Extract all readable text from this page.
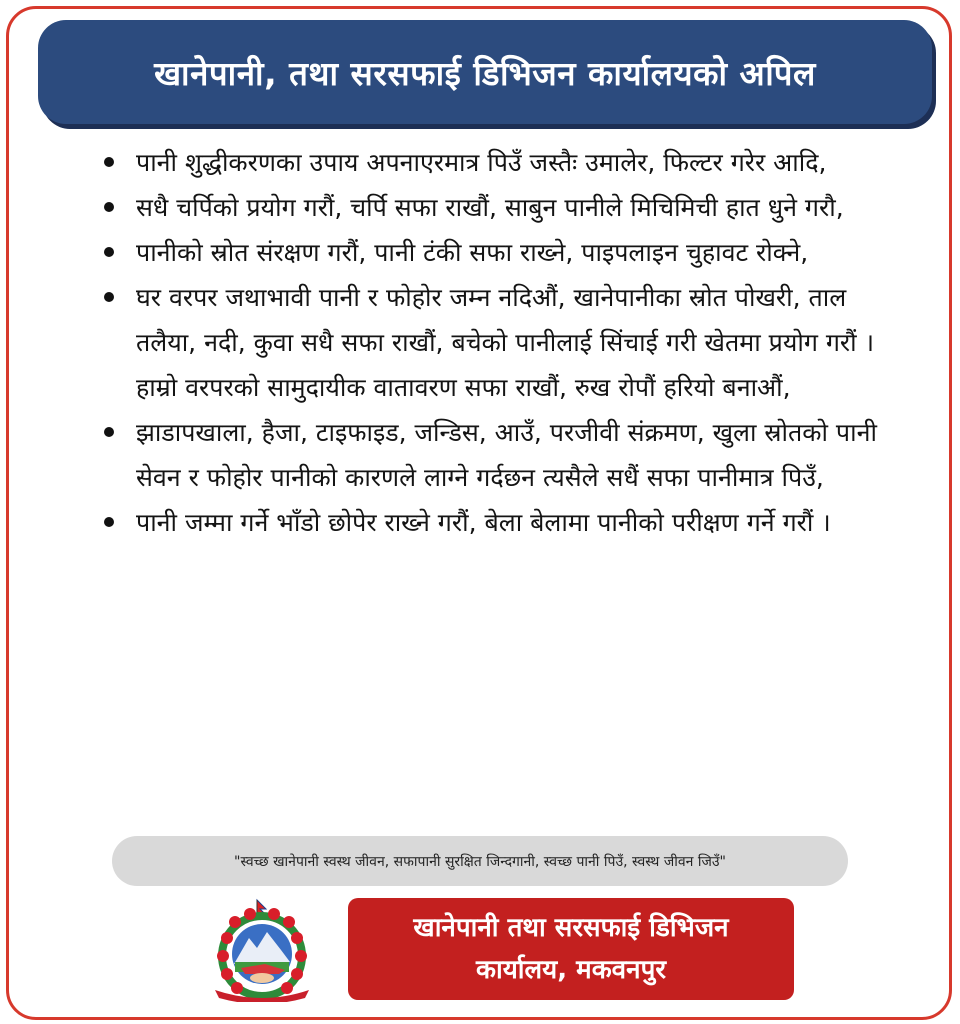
खानेपानी, तथा सरसफाई डिभिजन कार्यालयको अपिल
पानी शुद्धीकरणका उपाय अपनाएरमात्र पिउँ जस्तैः उमालेर, फिल्टर गरेर आदि,
सधै चर्पिको प्रयोग गरौं, चर्पि सफा राखौं, साबुन पानीले मिचिमिची हात धुने गरौ,
पानीको स्रोत संरक्षण गरौं, पानी टंकी सफा राख्ने, पाइपलाइन चुहावट रोक्ने,
घर वरपर जथाभावी पानी र फोहोर जम्न नदिऔं, खानेपानीका स्रोत पोखरी, ताल तलैया, नदी, कुवा सधै सफा राखौं, बचेको पानीलाई सिंचाई गरी खेतमा प्रयोग गरौं । हाम्रो वरपरको सामुदायीक वातावरण सफा राखौं, रुख रोपौं हरियो बनाऔं,
झाडापखाला, हैजा, टाइफाइड, जन्डिस, आउँ, परजीवी संक्रमण, खुला स्रोतको पानी सेवन र फोहोर पानीको कारणले लाग्ने गर्दछन त्यसैले सधैं सफा पानीमात्र पिउँ,
पानी जम्मा गर्ने भाँडो छोपेर राख्ने गरौं, बेला बेलामा पानीको परीक्षण गर्ने गरौं ।
"स्वच्छ खानेपानी स्वस्थ जीवन, सफापानी सुरक्षित जिन्दगानी, स्वच्छ पानी पिउँ, स्वस्थ जीवन जिउँ"
खानेपानी तथा सरसफाई डिभिजन
कार्यालय, मकवनपुर
